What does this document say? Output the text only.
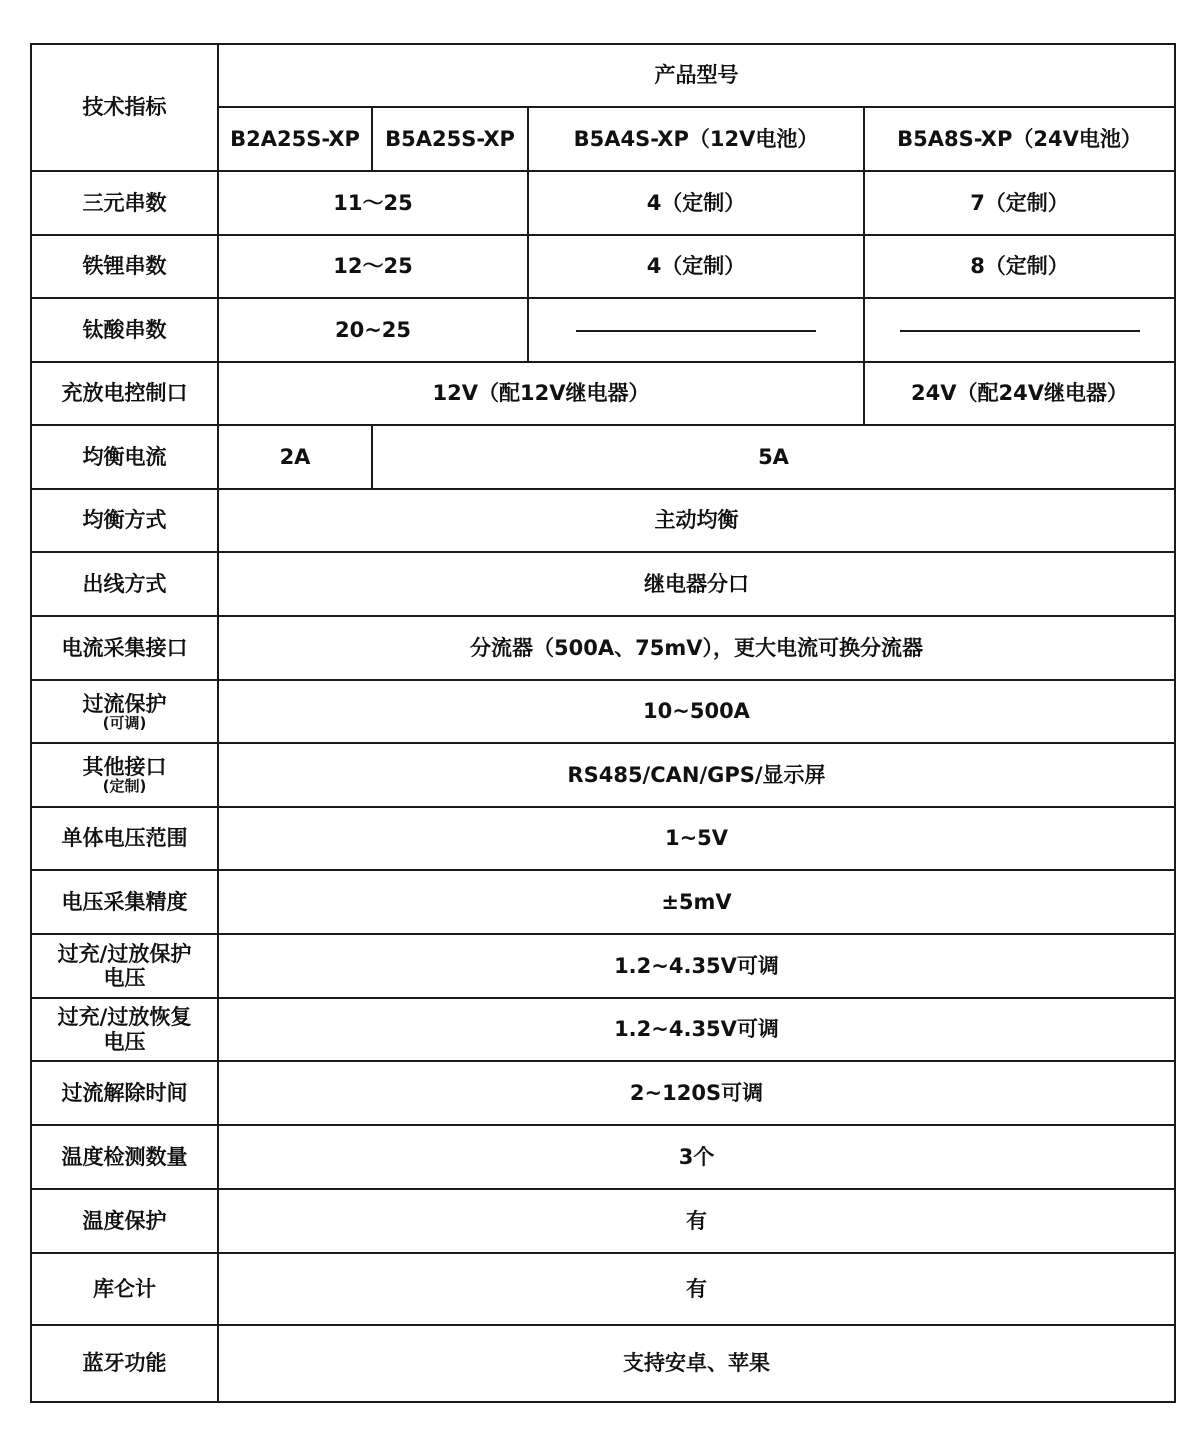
技术指标	产品型号			
	B2A25S-XP	B5A25S-XP	B5A4S-XP（12V电池）	B5A8S-XP（24V电池）
三元串数	11～25		4（定制）	7（定制）
铁锂串数	12～25		4（定制）	8（定制）
钛酸串数	20~25			
充放电控制口	12V（配12V继电器）			24V（配24V继电器）
均衡电流	2A	5A		
均衡方式	主动均衡			
出线方式	继电器分口			
电流采集接口	分流器（500A、75mV），更大电流可换分流器			

过流保护
(可调)	10~500A			

其他接口
(定制)	RS485/CAN/GPS/显示屏			
单体电压范围	1~5V			
电压采集精度	±5mV			

过充/过放保护
电压	1.2~4.35V可调			

过充/过放恢复
电压	1.2~4.35V可调			
过流解除时间	2~120S可调			
温度检测数量	3个			
温度保护	有			
库仑计	有			
蓝牙功能	支持安卓、苹果			
